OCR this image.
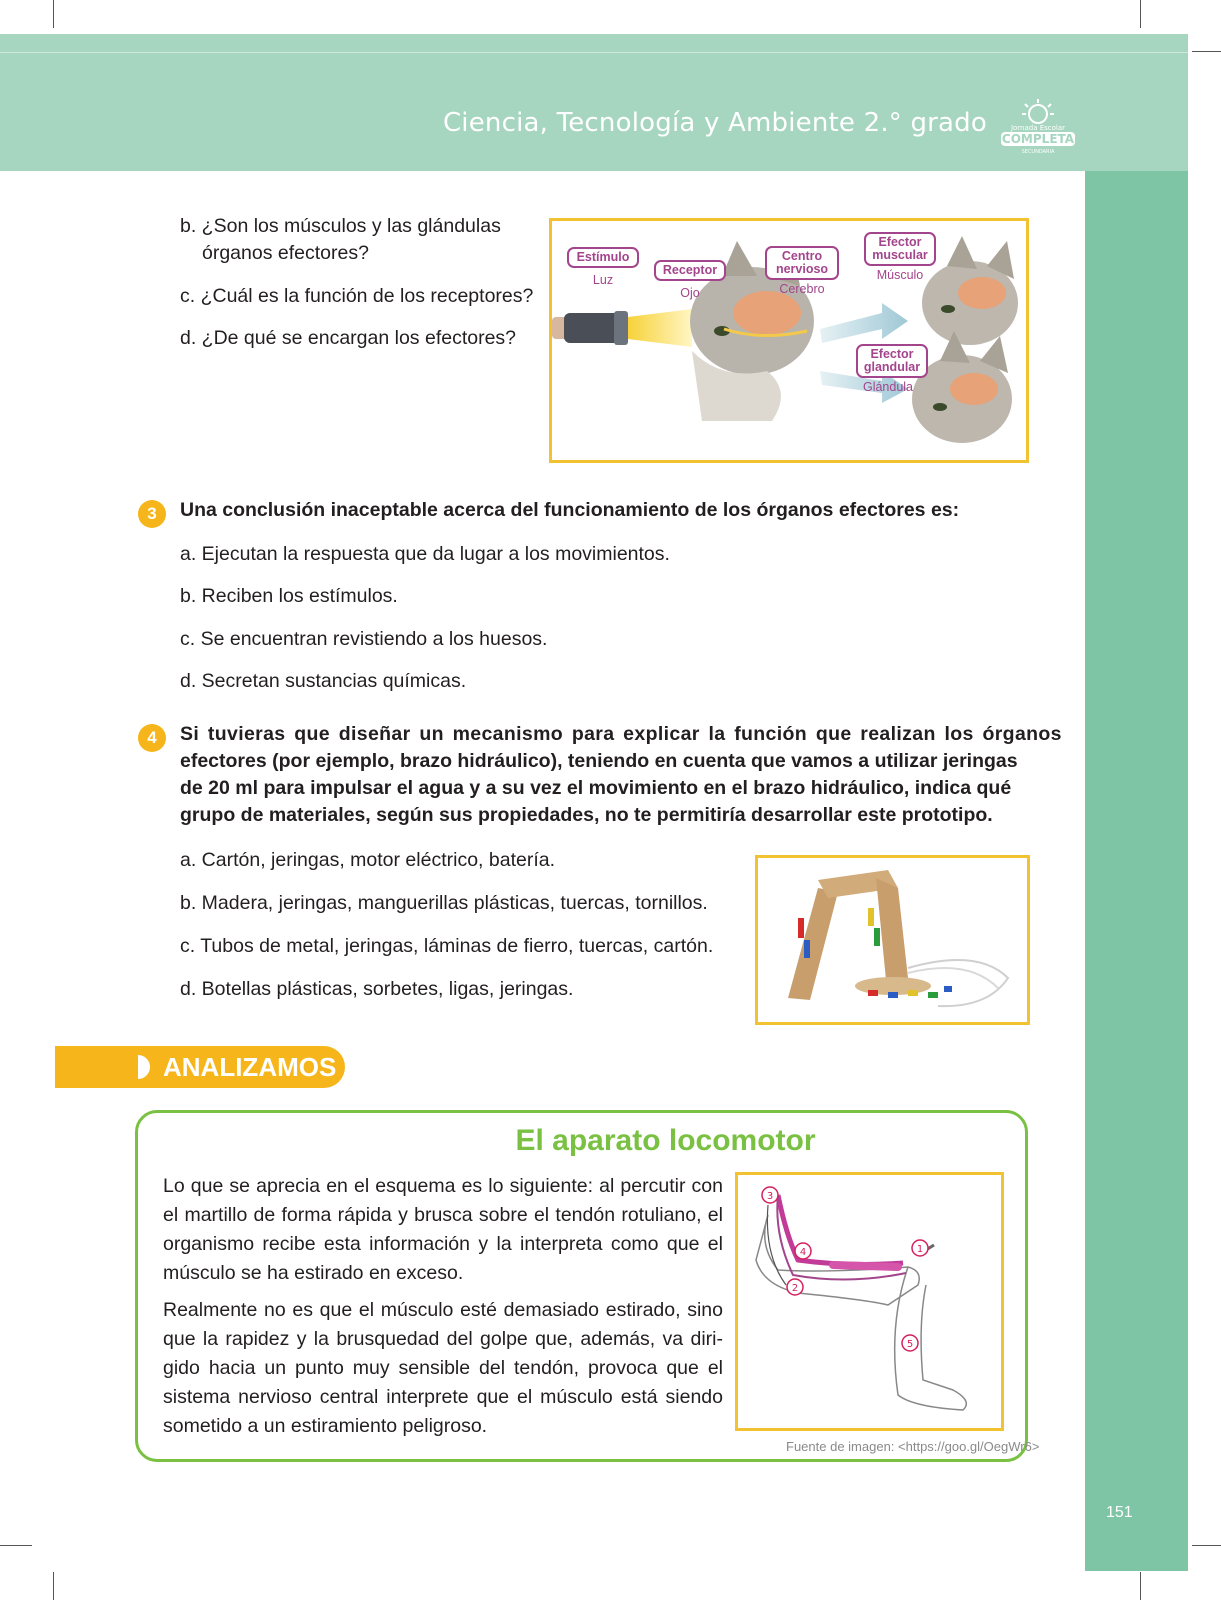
Ciencia, Tecnología y Ambiente 2.° grado	Jornada Escolar
COMPLETA
SECUNDARIA
151
b. ¿Son los músculos y las glándulas
órganos efectores?
c. ¿Cuál es la función de los receptores?
d. ¿De qué se encargan los efectores?
Estímulo
Luz
Receptor
Ojo
Centro
nervioso
Cerebro
Efector
muscular
Músculo
Efector
glandular
Glándula
3	Una conclusión inaceptable acerca del funcionamiento de los órganos efectores es:
a. Ejecutan la respuesta que da lugar a los movimientos.
b. Reciben los estímulos.
c. Se encuentran revistiendo a los huesos.
d. Secretan sustancias químicas.
4	Si tuvieras que diseñar un mecanismo para explicar la función que realizan los órganos
efectores (por ejemplo, brazo hidráulico), teniendo en cuenta que vamos a utilizar jeringas
de 20 ml para impulsar el agua y a su vez el movimiento en el brazo hidráulico, indica qué
grupo de materiales, según sus propiedades, no te permitiría desarrollar este prototipo.
a. Cartón, jeringas, motor eléctrico, batería.
b. Madera, jeringas, manguerillas plásticas, tuercas, tornillos.
c. Tubos de metal, jeringas, láminas de fierro, tuercas, cartón.
d. Botellas plásticas, sorbetes, ligas, jeringas.
ANALIZAMOS
El aparato locomotor
Lo que se aprecia en el esquema es lo siguiente: al percutir con
el martillo de forma rápida y brusca sobre el tendón rotuliano, el
organismo recibe esta información y la interpreta como que el
músculo se ha estirado en exceso.
Realmente no es que el músculo esté demasiado estirado, sino
que la rapidez y la brusquedad del golpe que, además, va diri-
gido hacia un punto muy sensible del tendón, provoca que el
sistema nervioso central interprete que el músculo está siendo
sometido a un estiramiento peligroso.
3
4	1
2
5
Fuente de imagen: <https://goo.gl/OegWr6>
